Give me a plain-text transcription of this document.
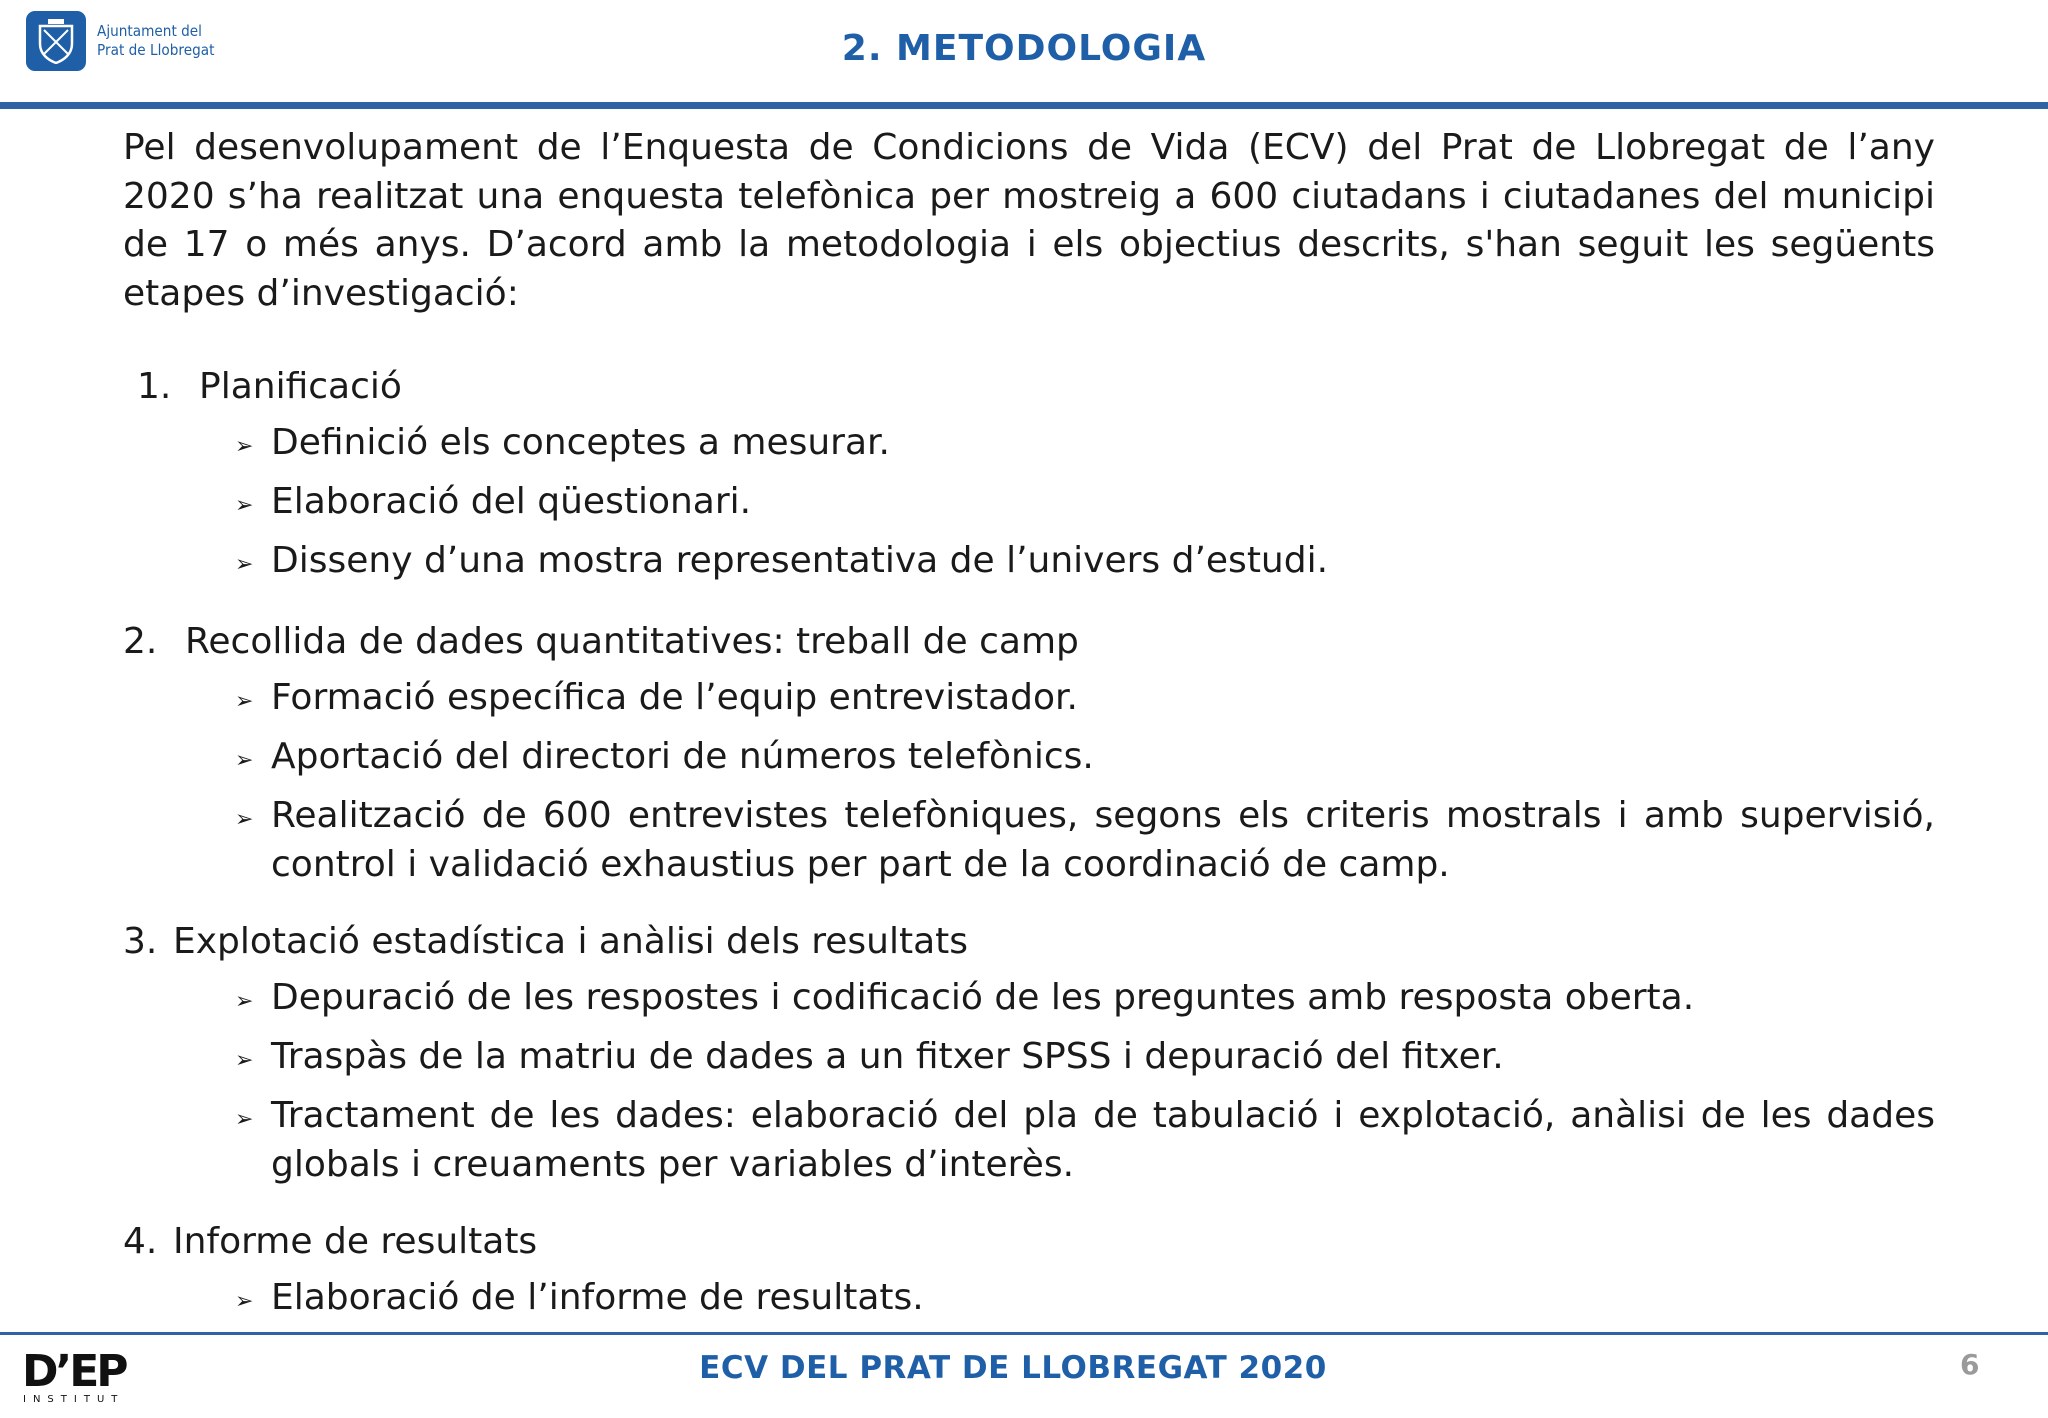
Ajuntament del
Prat de Llobregat	2. METODOLOGIA

Pel desenvolupament de l’Enquesta de Condicions de Vida (ECV) del Prat de Llobregat de l’any 2020 s’ha realitzat una enquesta telefònica per mostreig a 600 ciutadans i ciutadanes del municipi de 17 o més anys. D’acord amb la metodologia i els objectius descrits, s'han seguit les següents etapes d’investigació:

1. Planificació
➢ Definició els conceptes a mesurar.
➢ Elaboració del qüestionari.
➢ Disseny d’una mostra representativa de l’univers d’estudi.
2. Recollida de dades quantitatives: treball de camp
➢ Formació específica de l’equip entrevistador.
➢ Aportació del directori de números telefònics.
➢ Realització de 600 entrevistes telefòniques, segons els criteris mostrals i amb supervisió, control i validació exhaustius per part de la coordinació de camp.
3. Explotació estadística i anàlisi dels resultats
➢ Depuració de les respostes i codificació de les preguntes amb resposta oberta.
➢ Traspàs de la matriu de dades a un fitxer SPSS i depuració del fitxer.
➢ Tractament de les dades: elaboració del pla de tabulació i explotació, anàlisi de les dades globals i creuaments per variables d’interès.
4. Informe de resultats
➢ Elaboració de l’informe de resultats.
D’EP
INSTITUT
ECV DEL PRAT DE LLOBREGAT 2020	6
